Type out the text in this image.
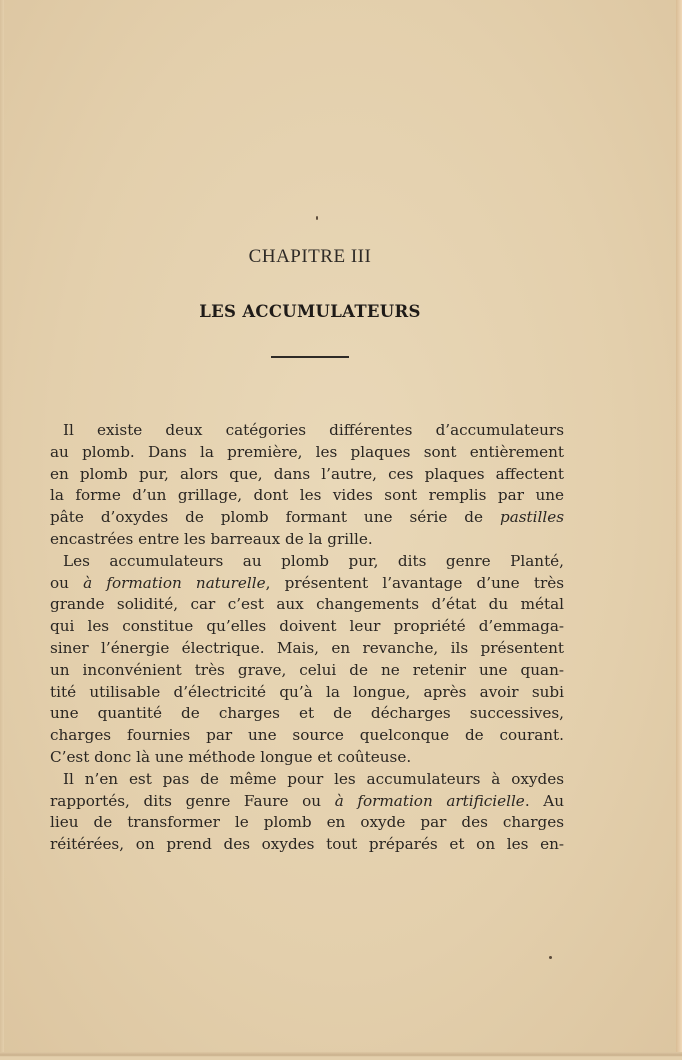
CHAPITRE III
LES ACCUMULATEURS
Il existe deux catégories différentes d’accumulateurs
au plomb. Dans la première, les plaques sont entièrement
en plomb pur, alors que, dans l’autre, ces plaques affectent
la forme d’un grillage, dont les vides sont remplis par une
pâte d’oxydes de plomb formant une série de pastilles
encastrées entre les barreaux de la grille.
Les accumulateurs au plomb pur, dits genre Planté,
ou à formation naturelle, présentent l’avantage d’une très
grande solidité, car c’est aux changements d’état du métal
qui les constitue qu’elles doivent leur propriété d’emmaga-
siner l’énergie électrique. Mais, en revanche, ils présentent
un inconvénient très grave, celui de ne retenir une quan-
tité utilisable d’électricité qu’à la longue, après avoir subi
une quantité de charges et de décharges successives,
charges fournies par une source quelconque de courant.
C’est donc là une méthode longue et coûteuse.
Il n’en est pas de même pour les accumulateurs à oxydes
rapportés, dits genre Faure ou à formation artificielle. Au
lieu de transformer le plomb en oxyde par des charges
réitérées, on prend des oxydes tout préparés et on les en-
